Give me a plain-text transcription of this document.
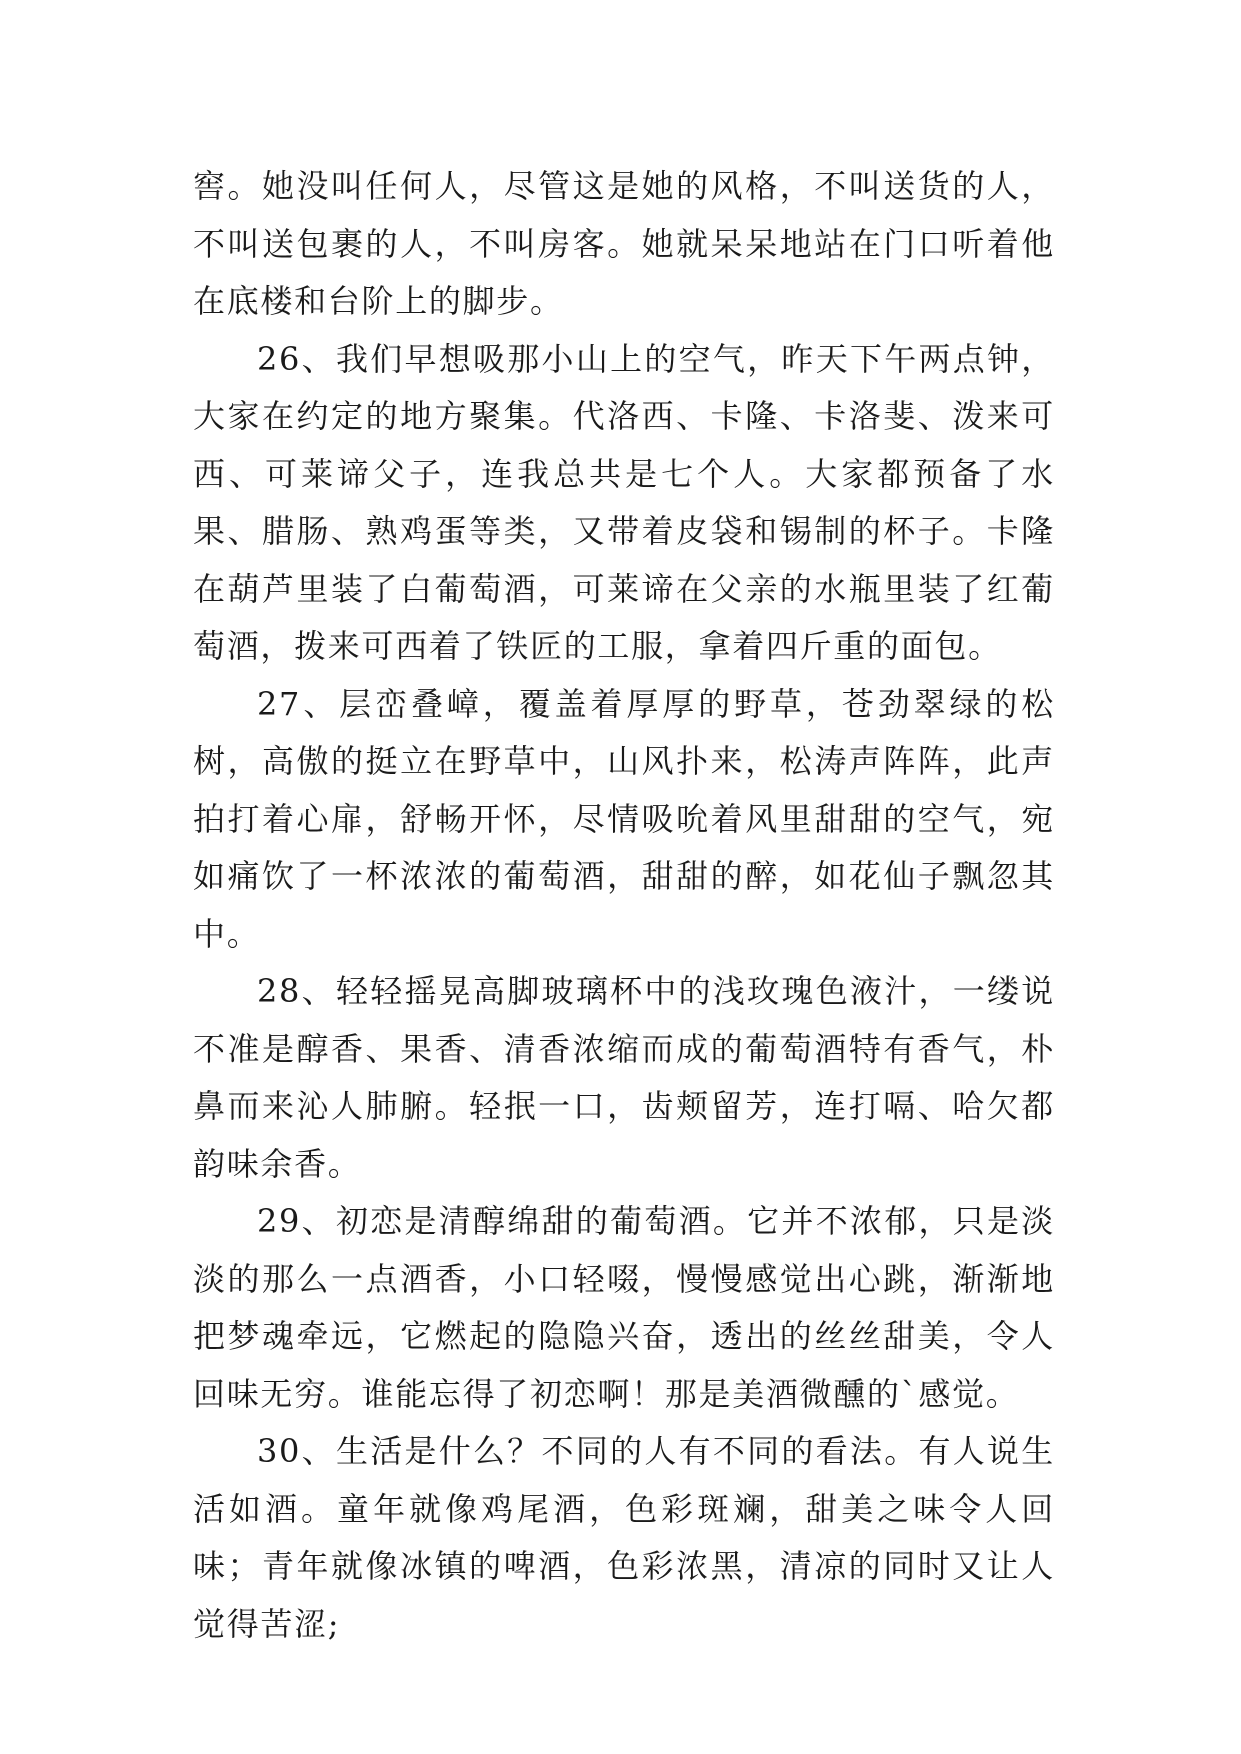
窖。她没叫任何人，尽管这是她的风格，不叫送货的人，不叫送包裹的人，不叫房客。她就呆呆地站在门口听着他在底楼和台阶上的脚步。

26、我们早想吸那小山上的空气，昨天下午两点钟，大家在约定的地方聚集。代洛西、卡隆、卡洛斐、泼来可西、可莱谛父子，连我总共是七个人。大家都预备了水果、腊肠、熟鸡蛋等类，又带着皮袋和锡制的杯子。卡隆在葫芦里装了白葡萄酒，可莱谛在父亲的水瓶里装了红葡萄酒，拨来可西着了铁匠的工服，拿着四斤重的面包。

27、层峦叠嶂，覆盖着厚厚的野草，苍劲翠绿的松树，高傲的挺立在野草中，山风扑来，松涛声阵阵，此声拍打着心扉，舒畅开怀，尽情吸吮着风里甜甜的空气，宛如痛饮了一杯浓浓的葡萄酒，甜甜的醉，如花仙子飘忽其中。

28、轻轻摇晃高脚玻璃杯中的浅玫瑰色液汁，一缕说不准是醇香、果香、清香浓缩而成的葡萄酒特有香气，朴鼻而来沁人肺腑。轻抿一口，齿颊留芳，连打嗝、哈欠都韵味余香。

29、初恋是清醇绵甜的葡萄酒。它并不浓郁，只是淡淡的那么一点酒香，小口轻啜，慢慢感觉出心跳，渐渐地把梦魂牵远，它燃起的隐隐兴奋，透出的丝丝甜美，令人回味无穷。谁能忘得了初恋啊！那是美酒微醺的`感觉。

30、生活是什么？不同的人有不同的看法。有人说生活如酒。童年就像鸡尾酒，色彩斑斓，甜美之味令人回味；青年就像冰镇的啤酒，色彩浓黑，清凉的同时又让人觉得苦涩;
